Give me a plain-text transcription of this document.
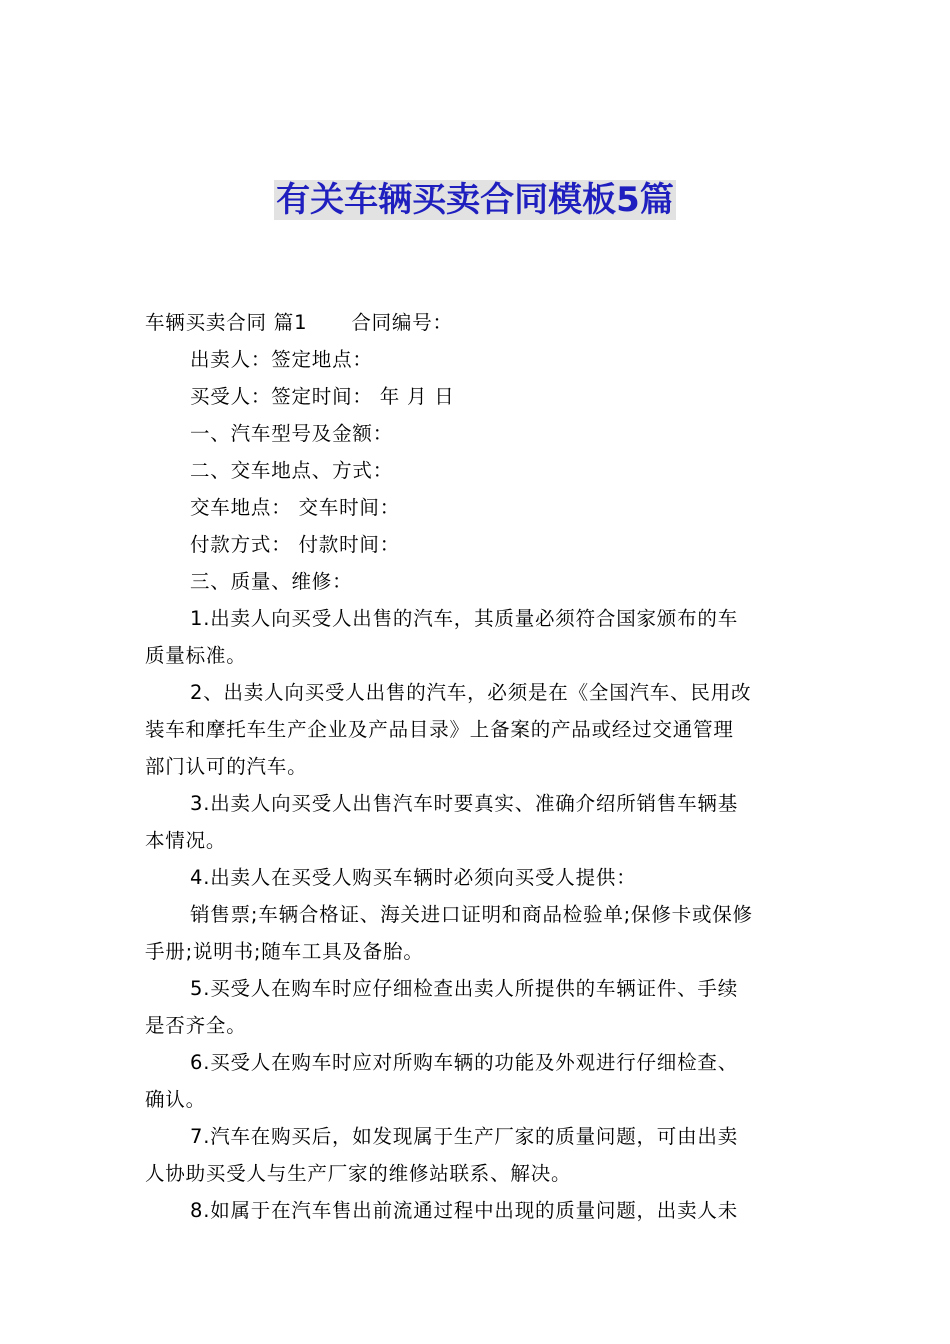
有关车辆买卖合同模板5篇
车辆买卖合同 篇1 合同编号：
出卖人：签定地点：
买受人：签定时间： 年 月 日
一、汽车型号及金额：
二、交车地点、方式：
交车地点： 交车时间：
付款方式： 付款时间：
三、质量、维修：
1.出卖人向买受人出售的汽车，其质量必须符合国家颁布的车
质量标准。
2、出卖人向买受人出售的汽车，必须是在《全国汽车、民用改
装车和摩托车生产企业及产品目录》上备案的产品或经过交通管理
部门认可的汽车。
3.出卖人向买受人出售汽车时要真实、准确介绍所销售车辆基
本情况。
4.出卖人在买受人购买车辆时必须向买受人提供：
销售票;车辆合格证、海关进口证明和商品检验单;保修卡或保修
手册;说明书;随车工具及备胎。
5.买受人在购车时应仔细检查出卖人所提供的车辆证件、手续
是否齐全。
6.买受人在购车时应对所购车辆的功能及外观进行仔细检查、
确认。
7.汽车在购买后，如发现属于生产厂家的质量问题，可由出卖
人协助买受人与生产厂家的维修站联系、解决。
8.如属于在汽车售出前流通过程中出现的质量问题，出卖人未
